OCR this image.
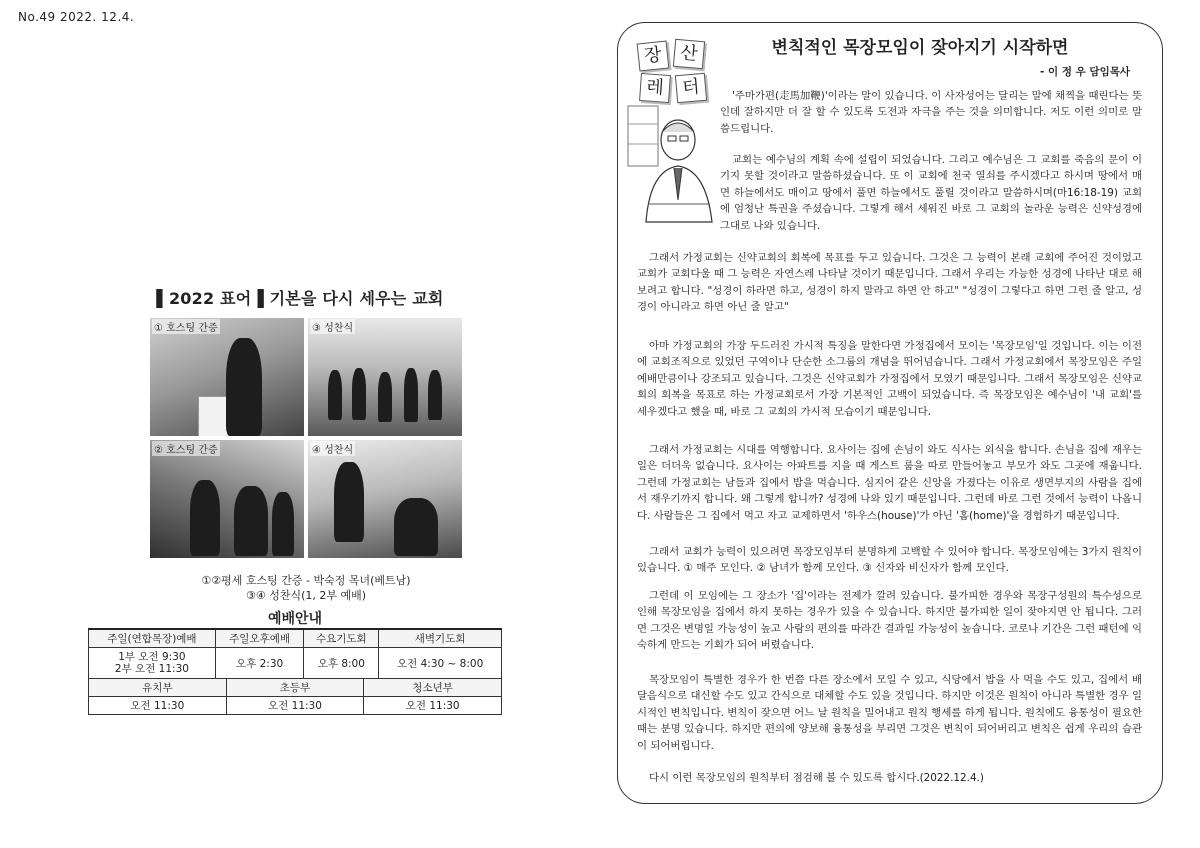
No.49 2022. 12.4.
▌2022 표어▐ 기본을 다시 세우는 교회
① 호스팅 간증	③ 성찬식
② 호스팅 간증	④ 성찬식
①②평세 호스팅 간증 - 박숙정 목녀(베트남)
③④ 성찬식(1, 2부 예배)
예배안내
주일(연합목장)예배	주일오후예배	수요기도회	새벽기도회
1부 오전 9:30
2부 오전 11:30	오후 2:30	오후 8:00	오전 4:30 ~ 8:00
유치부	초등부	청소년부
오전 11:30	오전 11:30	오전 11:30
장 산
레 터
변칙적인 목장모임이 잦아지기 시작하면
- 이 정 우 담임목사
'주마가편(走馬加鞭)'이라는 말이 있습니다. 이 사자성어는 달리는 말에 채찍을 때린다는 뜻인데 잘하지만 더 잘 할 수 있도록 도전과 자극을 주는 것을 의미합니다. 저도 이런 의미로 말씀드립니다.
교회는 예수님의 계획 속에 설립이 되었습니다. 그리고 예수님은 그 교회를 죽음의 문이 이기지 못할 것이라고 말씀하셨습니다. 또 이 교회에 천국 열쇠를 주시겠다고 하시며 땅에서 매면 하늘에서도 매이고 땅에서 풀면 하늘에서도 풀릴 것이라고 말씀하시며(마16:18-19) 교회에 엄청난 특권을 주셨습니다. 그렇게 해서 세워진 바로 그 교회의 놀라운 능력은 신약성경에 그대로 나와 있습니다.
그래서 가정교회는 신약교회의 회복에 목표를 두고 있습니다. 그것은 그 능력이 본래 교회에 주어진 것이었고 교회가 교회다울 때 그 능력은 자연스레 나타날 것이기 때문입니다. 그래서 우리는 가능한 성경에 나타난 대로 해보려고 합니다. "성경이 하라면 하고, 성경이 하지 말라고 하면 안 하고" "성경이 그렇다고 하면 그런 줄 알고, 성경이 아니라고 하면 아닌 줄 알고"
아마 가정교회의 가장 두드러진 가시적 특징을 말한다면 가정집에서 모이는 '목장모임'일 것입니다. 이는 이전에 교회조직으로 있었던 구역이나 단순한 소그룹의 개념을 뛰어넘습니다. 그래서 가정교회에서 목장모임은 주일예배만큼이나 강조되고 있습니다. 그것은 신약교회가 가정집에서 모였기 때문입니다. 그래서 목장모임은 신약교회의 회복을 목표로 하는 가정교회로서 가장 기본적인 고백이 되었습니다. 즉 목장모임은 예수님이 '내 교회'를 세우겠다고 했을 때, 바로 그 교회의 가시적 모습이기 때문입니다.
그래서 가정교회는 시대를 역행합니다. 요사이는 집에 손님이 와도 식사는 외식을 합니다. 손님을 집에 재우는 일은 더더욱 없습니다. 요사이는 아파트를 지을 때 게스트 룸을 따로 만들어놓고 부모가 와도 그곳에 재웁니다. 그런데 가정교회는 남들과 집에서 밥을 먹습니다. 심지어 같은 신앙을 가졌다는 이유로 생면부지의 사람을 집에서 재우기까지 합니다. 왜 그렇게 합니까? 성경에 나와 있기 때문입니다. 그런데 바로 그런 것에서 능력이 나옵니다. 사람들은 그 집에서 먹고 자고 교제하면서 '하우스(house)'가 아닌 '홈(home)'을 경험하기 때문입니다.
그래서 교회가 능력이 있으려면 목장모임부터 분명하게 고백할 수 있어야 합니다. 목장모임에는 3가지 원칙이 있습니다. ① 매주 모인다. ② 남녀가 함께 모인다. ③ 신자와 비신자가 함께 모인다.
그런데 이 모임에는 그 장소가 '집'이라는 전제가 깔려 있습니다. 불가피한 경우와 목장구성원의 특수성으로 인해 목장모임을 집에서 하지 못하는 경우가 있을 수 있습니다. 하지만 불가피한 일이 잦아지면 안 됩니다. 그러면 그것은 변명일 가능성이 높고 사람의 편의를 따라간 결과일 가능성이 높습니다. 코로나 기간은 그런 패턴에 익숙하게 만드는 기회가 되어 버렸습니다.
목장모임이 특별한 경우가 한 번쯤 다른 장소에서 모일 수 있고, 식당에서 밥을 사 먹을 수도 있고, 집에서 배달음식으로 대신할 수도 있고 간식으로 대체할 수도 있을 것입니다. 하지만 이것은 원칙이 아니라 특별한 경우 일시적인 변칙입니다. 변칙이 잦으면 어느 날 원칙을 밀어내고 원칙 행세를 하게 됩니다. 원칙에도 융통성이 필요한 때는 분명 있습니다. 하지만 편의에 양보해 융통성을 부리면 그것은 변칙이 되어버리고 변칙은 쉽게 우리의 습관이 되어버립니다.
다시 이런 목장모임의 원칙부터 점검해 볼 수 있도록 합시다.(2022.12.4.)
